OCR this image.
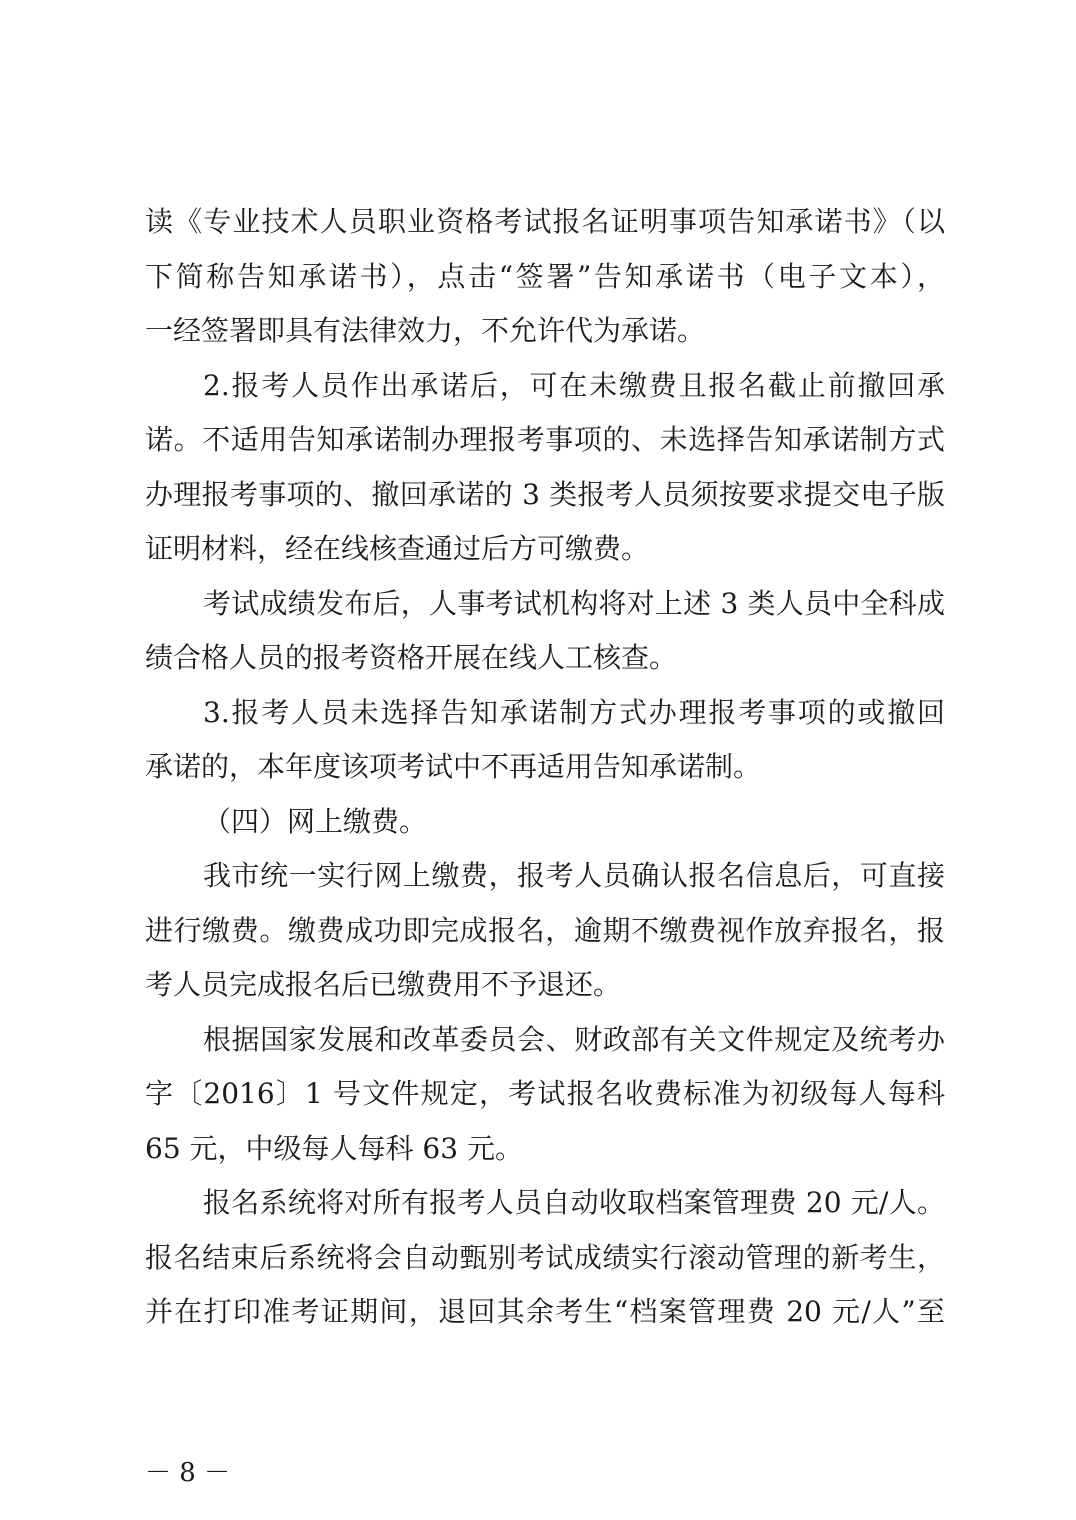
读《专业技术人员职业资格考试报名证明事项告知承诺书》（以
下简称告知承诺书），点击“签署”告知承诺书（电子文本），
一经签署即具有法律效力，不允许代为承诺。
2.报考人员作出承诺后，可在未缴费且报名截止前撤回承
诺。不适用告知承诺制办理报考事项的、未选择告知承诺制方式
办理报考事项的、撤回承诺的 3 类报考人员须按要求提交电子版
证明材料，经在线核查通过后方可缴费。
考试成绩发布后，人事考试机构将对上述 3 类人员中全科成
绩合格人员的报考资格开展在线人工核查。
3.报考人员未选择告知承诺制方式办理报考事项的或撤回
承诺的，本年度该项考试中不再适用告知承诺制。
（四）网上缴费。
我市统一实行网上缴费，报考人员确认报名信息后，可直接
进行缴费。缴费成功即完成报名，逾期不缴费视作放弃报名，报
考人员完成报名后已缴费用不予退还。
根据国家发展和改革委员会、财政部有关文件规定及统考办
字〔2016〕1 号文件规定，考试报名收费标准为初级每人每科
65 元，中级每人每科 63 元。
报名系统将对所有报考人员自动收取档案管理费 20 元/人。
报名结束后系统将会自动甄别考试成绩实行滚动管理的新考生，
并在打印准考证期间，退回其余考生“档案管理费 20 元/人”至
－ 8 －
